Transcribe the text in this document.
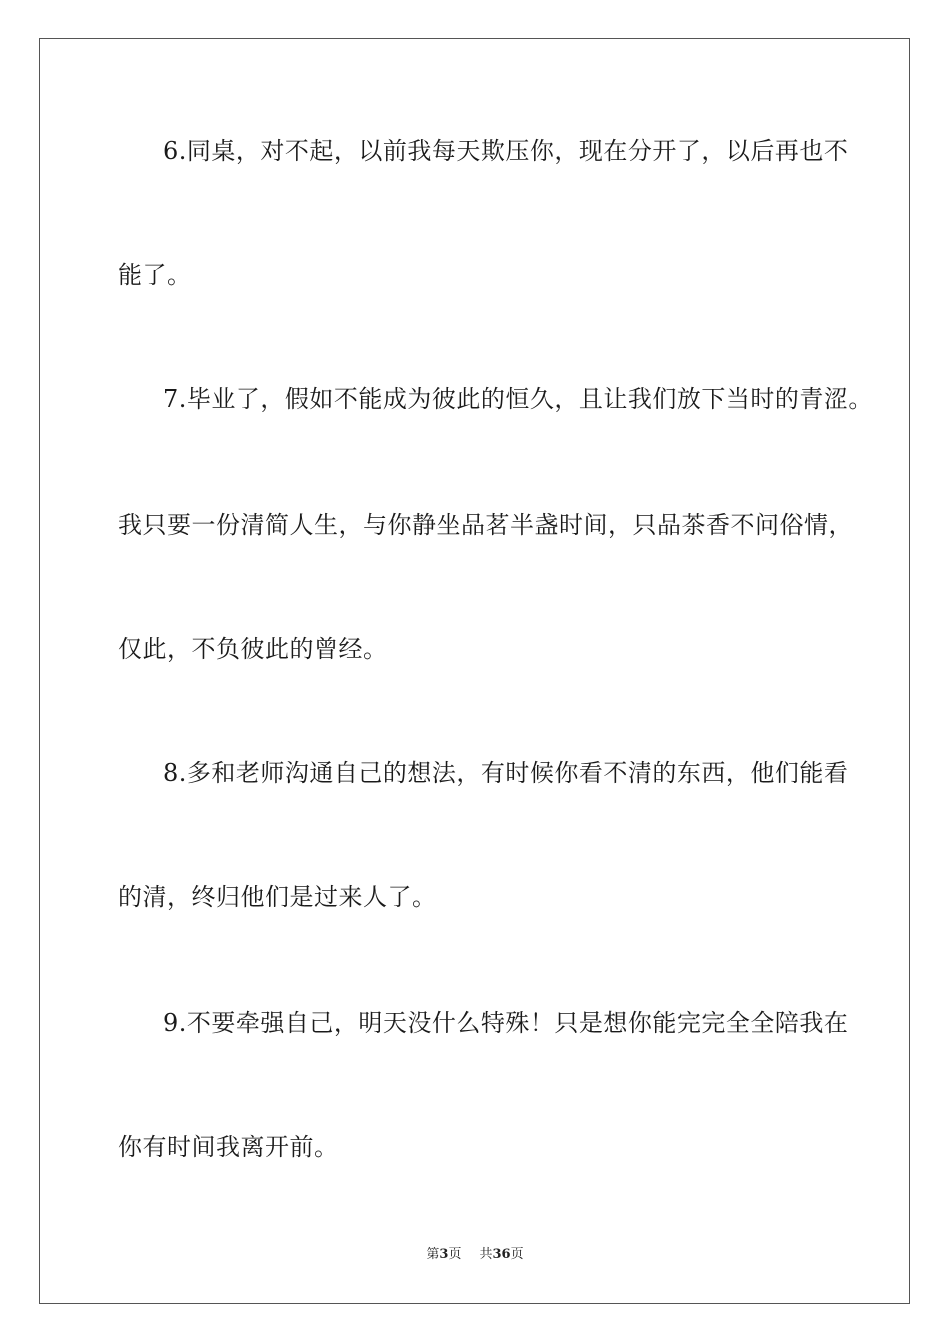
6.同桌，对不起，以前我每天欺压你，现在分开了，以后再也不
能了。
7.毕业了，假如不能成为彼此的恒久，且让我们放下当时的青涩。
我只要一份清简人生，与你静坐品茗半盏时间，只品茶香不问俗情，
仅此，不负彼此的曾经。
8.多和老师沟通自己的想法，有时候你看不清的东西，他们能看
的清，终归他们是过来人了。
9.不要牵强自己，明天没什么特殊！只是想你能完完全全陪我在
你有时间我离开前。
第3页 共36页
